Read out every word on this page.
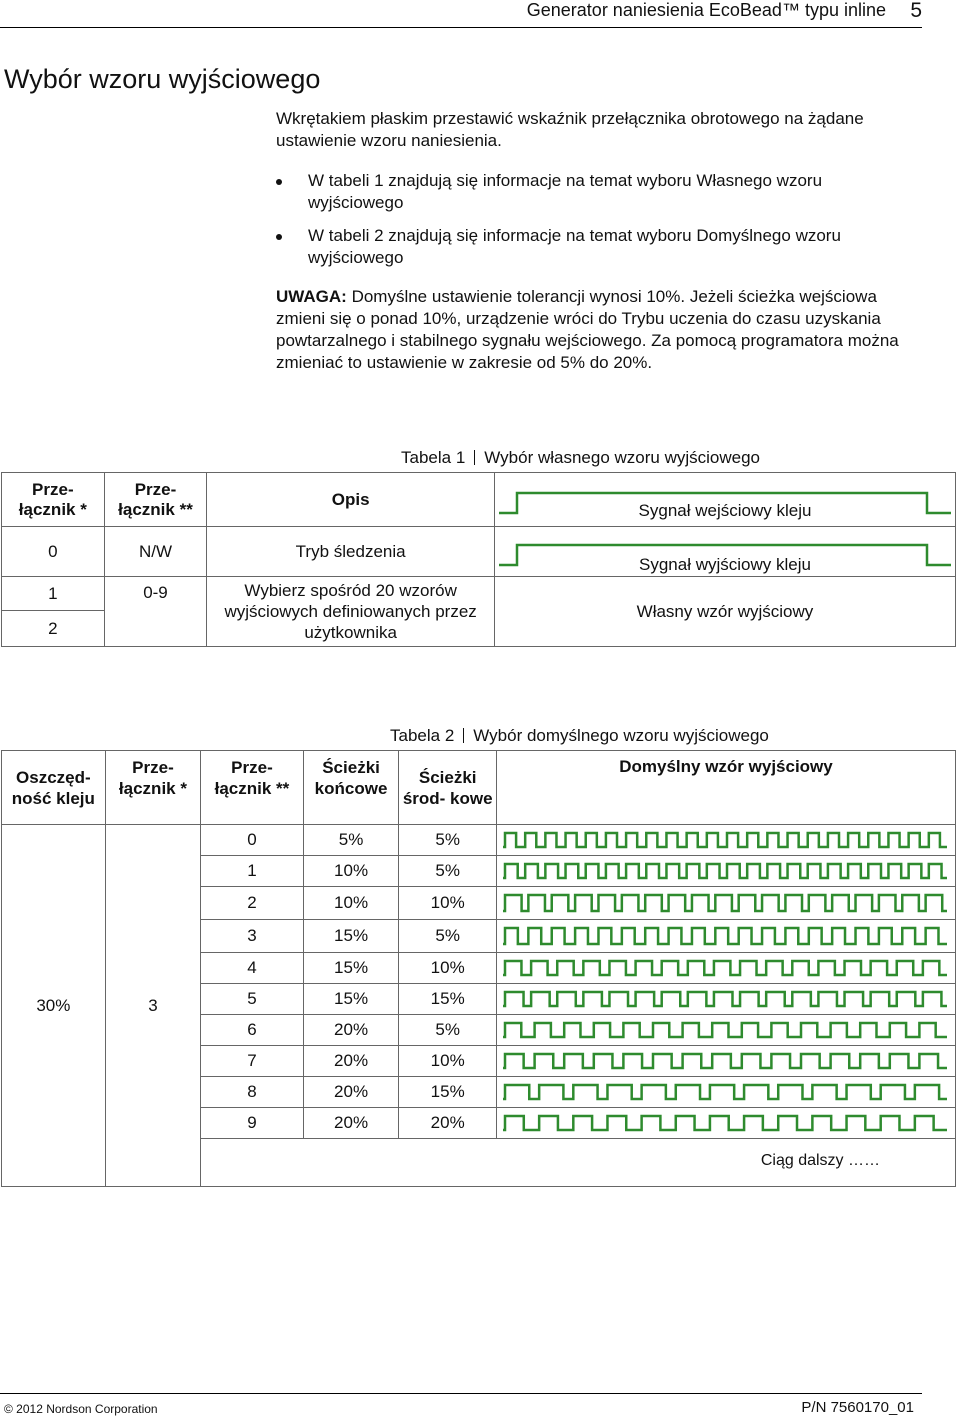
Generator naniesienia EcoBead™ typu inline 5
Wybór wzoru wyjściowego
Wkrętakiem płaskim przestawić wskaźnik przełącznika obrotowego na żądane ustawienie wzoru naniesienia.
W tabeli 1 znajdują się informacje na temat wyboru Własnego wzoru wyjściowego
W tabeli 2 znajdują się informacje na temat wyboru Domyślnego wzoru wyjściowego
UWAGA: Domyślne ustawienie tolerancji wynosi 10%. Jeżeli ścieżka wejściowa zmieni się o ponad 10%, urządzenie wróci do Trybu uczenia do czasu uzyskania powtarzalnego i stabilnego sygnału wejściowego. Za pomocą programatora można zmieniać to ustawienie w zakresie od 5% do 20%.
Tabela 1 Wybór własnego wzoru wyjściowego
Prze- łącznik *	Prze- łącznik **	Opis	Sygnał wejściowy kleju

0	N/W	Tryb śledzenia	Sygnał wyjściowy kleju

1	0-9	Wybierz spośród 20 wzorów wyjściowych definiowanych przez użytkownika	Własny wzór wyjściowy
2			
Tabela 2 Wybór domyślnego wzoru wyjściowego
Oszczęd- ność kleju	Prze- łącznik *	Prze- łącznik **	Ścieżki końcowe	Ścieżki środ- kowe	Domyślny wzór wyjściowy
30%	3	0	5%	5%	

		1	10%	5%	

		2	10%	10%	

		3	15%	5%	

		4	15%	10%	

		5	15%	15%	

		6	20%	5%	

		7	20%	10%	

		8	20%	15%	

		9	20%	20%	

Ciąg dalszy ……
© 2012 Nordson Corporation	P/N 7560170_01
